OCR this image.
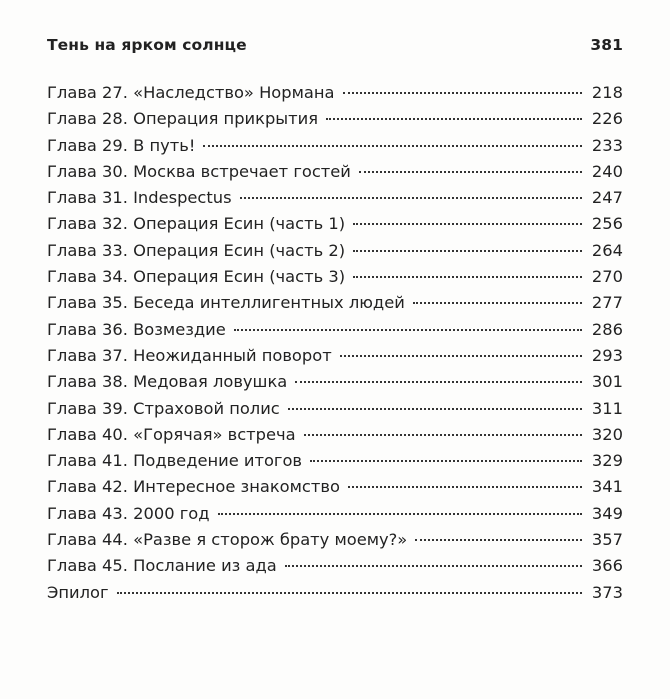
Тень на ярком солнце	381
Глава 27. «Наследство» Нормана	218
Глава 28. Операция прикрытия	226
Глава 29. В путь!	233
Глава 30. Москва встречает гостей	240
Глава 31. Indespectus	247
Глава 32. Операция Есин (часть 1)	256
Глава 33. Операция Есин (часть 2)	264
Глава 34. Операция Есин (часть 3)	270
Глава 35. Беседа интеллигентных людей	277
Глава 36. Возмездие	286
Глава 37. Неожиданный поворот	293
Глава 38. Медовая ловушка	301
Глава 39. Страховой полис	311
Глава 40. «Горячая» встреча	320
Глава 41. Подведение итогов	329
Глава 42. Интересное знакомство	341
Глава 43. 2000 год	349
Глава 44. «Разве я сторож брату моему?»	357
Глава 45. Послание из ада	366
Эпилог	373
